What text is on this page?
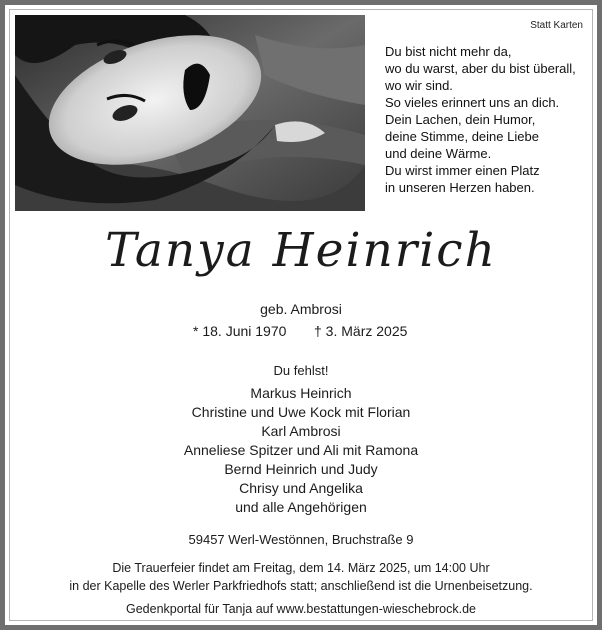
Statt Karten
Du bist nicht mehr da,
wo du warst, aber du bist überall,
wo wir sind.
So vieles erinnert uns an dich.
Dein Lachen, dein Humor,
deine Stimme, deine Liebe
und deine Wärme.
Du wirst immer einen Platz
in unseren Herzen haben.
Tanya Heinrich
geb. Ambrosi
* 18. Juni 1970 † 3. März 2025
Du fehlst!
Markus Heinrich
Christine und Uwe Kock mit Florian
Karl Ambrosi
Anneliese Spitzer und Ali mit Ramona
Bernd Heinrich und Judy
Chrisy und Angelika
und alle Angehörigen
59457 Werl-Westönnen, Bruchstraße 9
Die Trauerfeier findet am Freitag, dem 14. März 2025, um 14:00 Uhr
in der Kapelle des Werler Parkfriedhofs statt; anschließend ist die Urnenbeisetzung.
Gedenkportal für Tanja auf www.bestattungen-wieschebrock.de
